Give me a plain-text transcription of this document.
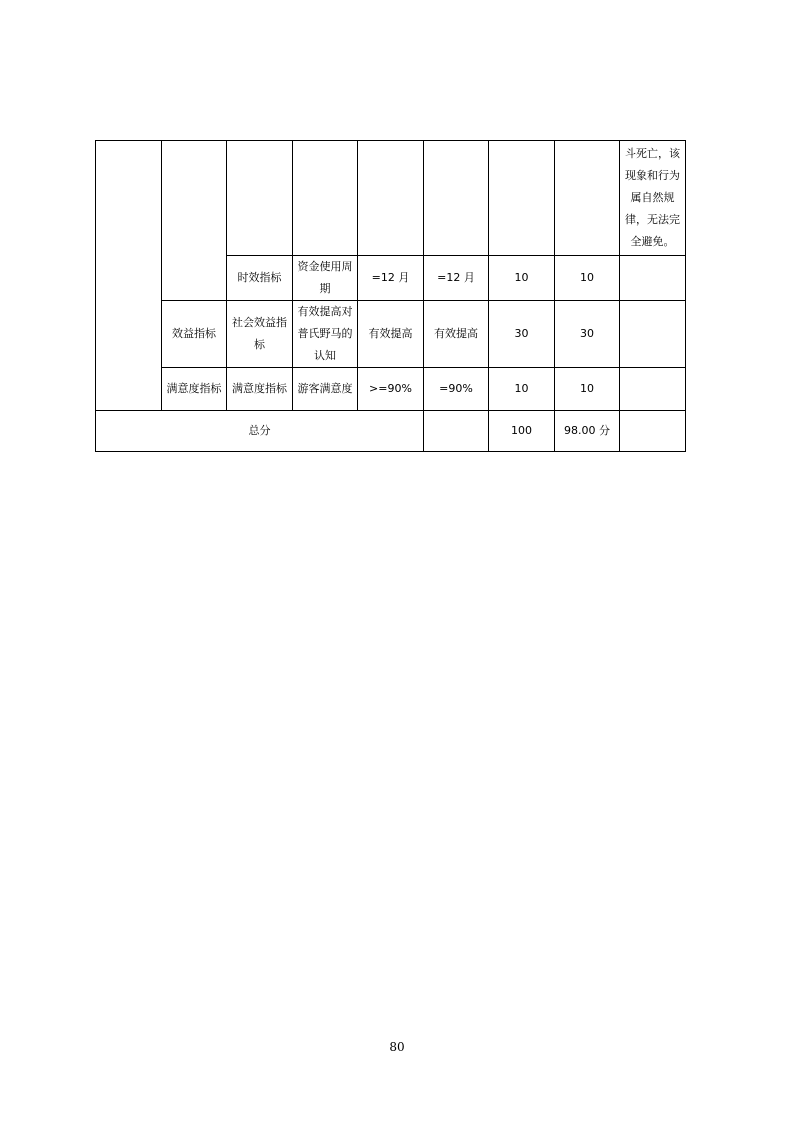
								斗死亡，该现象和行为属自然规律，无法完全避免。
		时效指标	资金使用周期	=12 月	=12 月	10	10	
	效益指标	社会效益指标	有效提高对普氏野马的认知	有效提高	有效提高	30	30	
	满意度指标	满意度指标	游客满意度	>=90%	=90%	10	10	
总分						100	98.00 分	
80
